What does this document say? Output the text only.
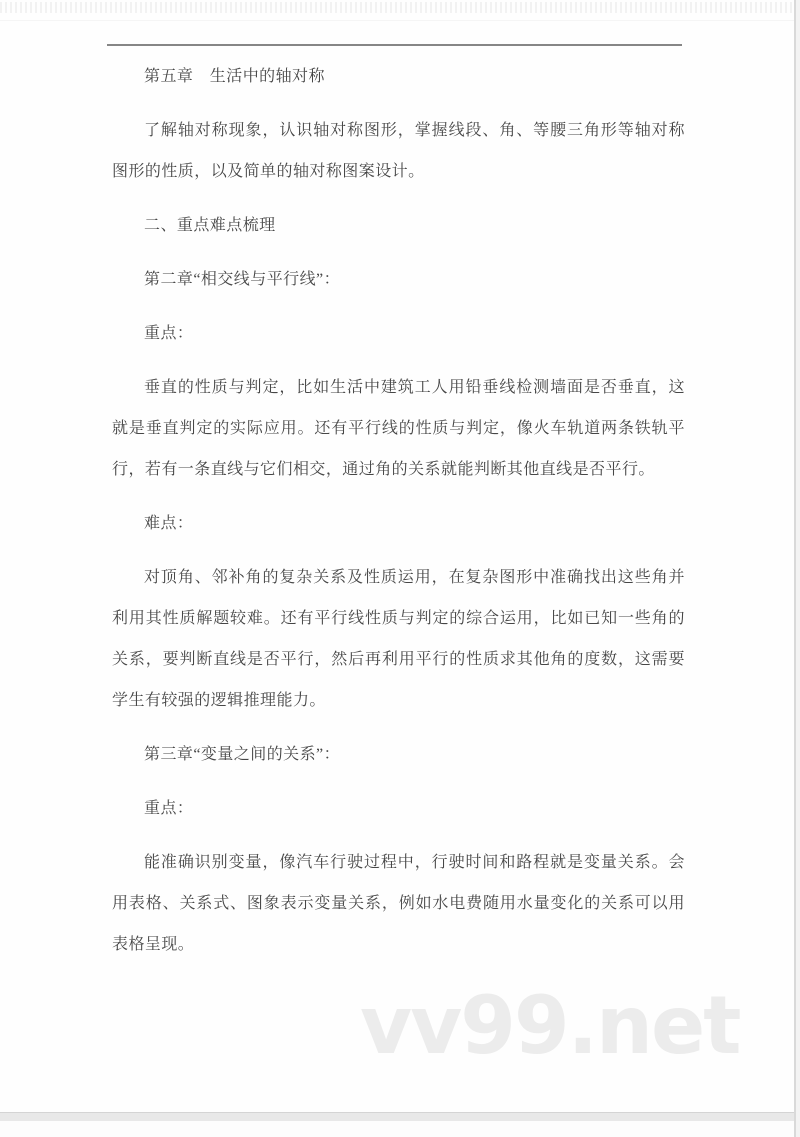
vv99.net

第五章　生活中的轴对称

了解轴对称现象，认识轴对称图形，掌握线段、角、等腰三角形等轴对称图形的性质，以及简单的轴对称图案设计。

二、重点难点梳理

第二章“相交线与平行线”：

重点：

垂直的性质与判定，比如生活中建筑工人用铅垂线检测墙面是否垂直，这就是垂直判定的实际应用。还有平行线的性质与判定，像火车轨道两条铁轨平行，若有一条直线与它们相交，通过角的关系就能判断其他直线是否平行。

难点：

对顶角、邻补角的复杂关系及性质运用，在复杂图形中准确找出这些角并利用其性质解题较难。还有平行线性质与判定的综合运用，比如已知一些角的关系，要判断直线是否平行，然后再利用平行的性质求其他角的度数，这需要学生有较强的逻辑推理能力。

第三章“变量之间的关系”：

重点：

能准确识别变量，像汽车行驶过程中，行驶时间和路程就是变量关系。会用表格、关系式、图象表示变量关系，例如水电费随用水量变化的关系可以用表格呈现。
